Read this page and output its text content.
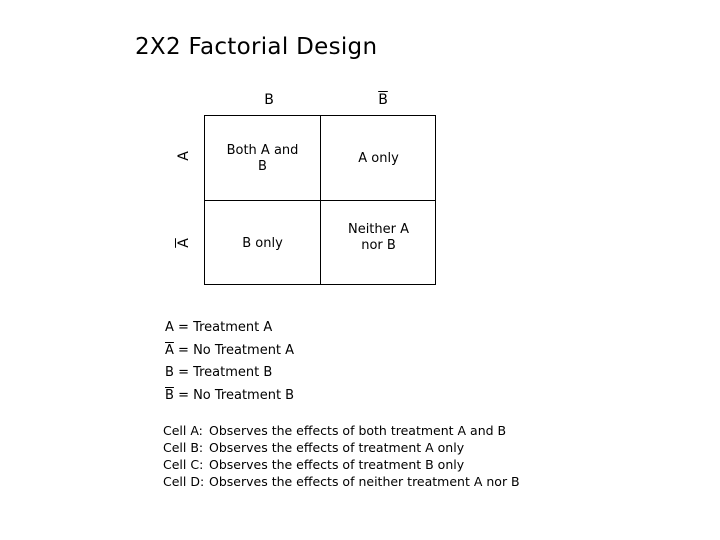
2X2 Factorial Design
B	$\overline{B}$
A
$\overline{A}$
Both A and B
A only
B only
Neither A nor B
A = Treatment A
$\overline{A} = No$ Treatment A
B = Treatment B
$\overline{B} = No$ Treatment B
Cell A: Observes the effects of both treatment A and B
Cell B: Observes the effects of treatment A only
Cell C: Observes the effects of treatment B only
Cell D: Observes the effects of neither treatment A nor B
